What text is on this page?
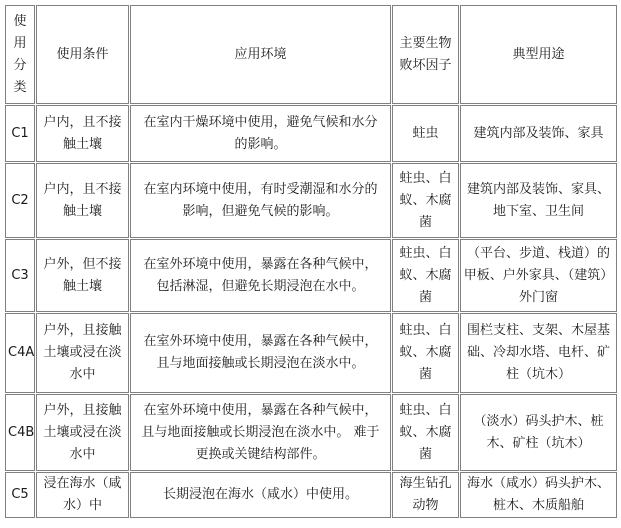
使用分类	使用条件	应用环境	主要生物败坏因子	典型用途
C1	户内，且不接触土壤	在室内干燥环境中使用，避免气候和水分的影响。	蛀虫	建筑内部及装饰、家具
C2	户内，且不接触土壤	在室内环境中使用，有时受潮湿和水分的影响，但避免气候的影响。	蛀虫、白蚁、木腐菌	建筑内部及装饰、家具、地下室、卫生间
C3	户外，但不接触土壤	在室外环境中使用，暴露在各种气候中，包括淋湿，但避免长期浸泡在水中。	蛀虫、白蚁、木腐菌	（平台、步道、栈道）的甲板、户外家具、（建筑）外门窗
C4A	户外，且接触土壤或浸在淡水中	在室外环境中使用，暴露在各种气候中，且与地面接触或长期浸泡在淡水中。	蛀虫、白蚁、木腐菌	围栏支柱、支架、木屋基础、冷却水塔、电杆、矿柱（坑木）
C4B	户外，且接触土壤或浸在淡水中	在室外环境中使用，暴露在各种气候中，且与地面接触或长期浸泡在淡水中。 难于更换或关键结构部件。	蛀虫、白蚁、木腐菌	（淡水）码头护木、桩木、矿柱（坑木）
C5	浸在海水（咸水）中	长期浸泡在海水（咸水）中使用。	海生钻孔动物	海水（咸水）码头护木、桩木、木质船舶
